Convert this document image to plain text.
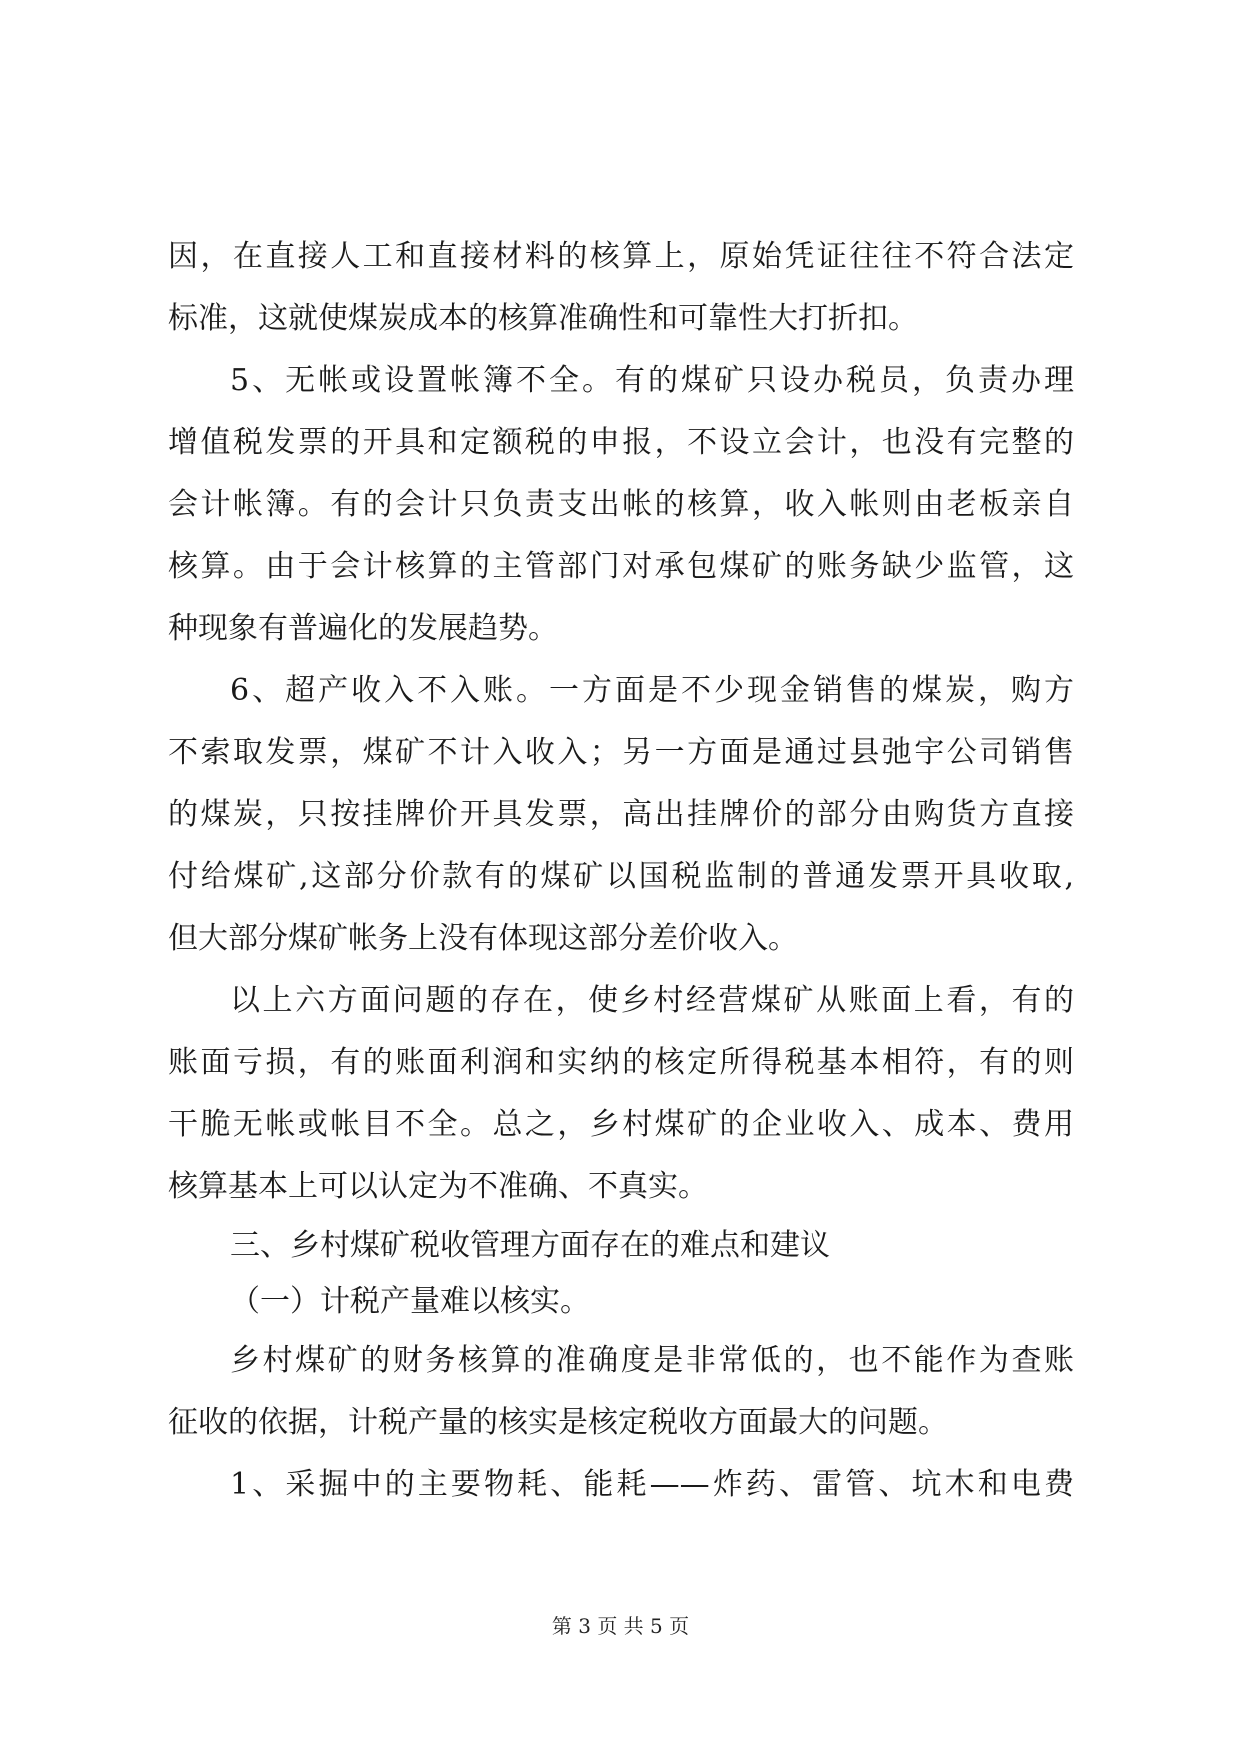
因，在直接人工和直接材料的核算上，原始凭证往往不符合法定
标准，这就使煤炭成本的核算准确性和可靠性大打折扣。
5、无帐或设置帐簿不全。有的煤矿只设办税员，负责办理
增值税发票的开具和定额税的申报，不设立会计，也没有完整的
会计帐簿。有的会计只负责支出帐的核算，收入帐则由老板亲自
核算。由于会计核算的主管部门对承包煤矿的账务缺少监管，这
种现象有普遍化的发展趋势。
6、超产收入不入账。一方面是不少现金销售的煤炭，购方
不索取发票，煤矿不计入收入；另一方面是通过县弛宇公司销售
的煤炭，只按挂牌价开具发票，高出挂牌价的部分由购货方直接
付给煤矿,这部分价款有的煤矿以国税监制的普通发票开具收取,
但大部分煤矿帐务上没有体现这部分差价收入。
以上六方面问题的存在，使乡村经营煤矿从账面上看，有的
账面亏损，有的账面利润和实纳的核定所得税基本相符，有的则
干脆无帐或帐目不全。总之，乡村煤矿的企业收入、成本、费用
核算基本上可以认定为不准确、不真实。
三、乡村煤矿税收管理方面存在的难点和建议
（一）计税产量难以核实。
乡村煤矿的财务核算的准确度是非常低的，也不能作为查账
征收的依据，计税产量的核实是核定税收方面最大的问题。
1、采掘中的主要物耗、能耗——炸药、雷管、坑木和电费
第 3 页 共 5 页
